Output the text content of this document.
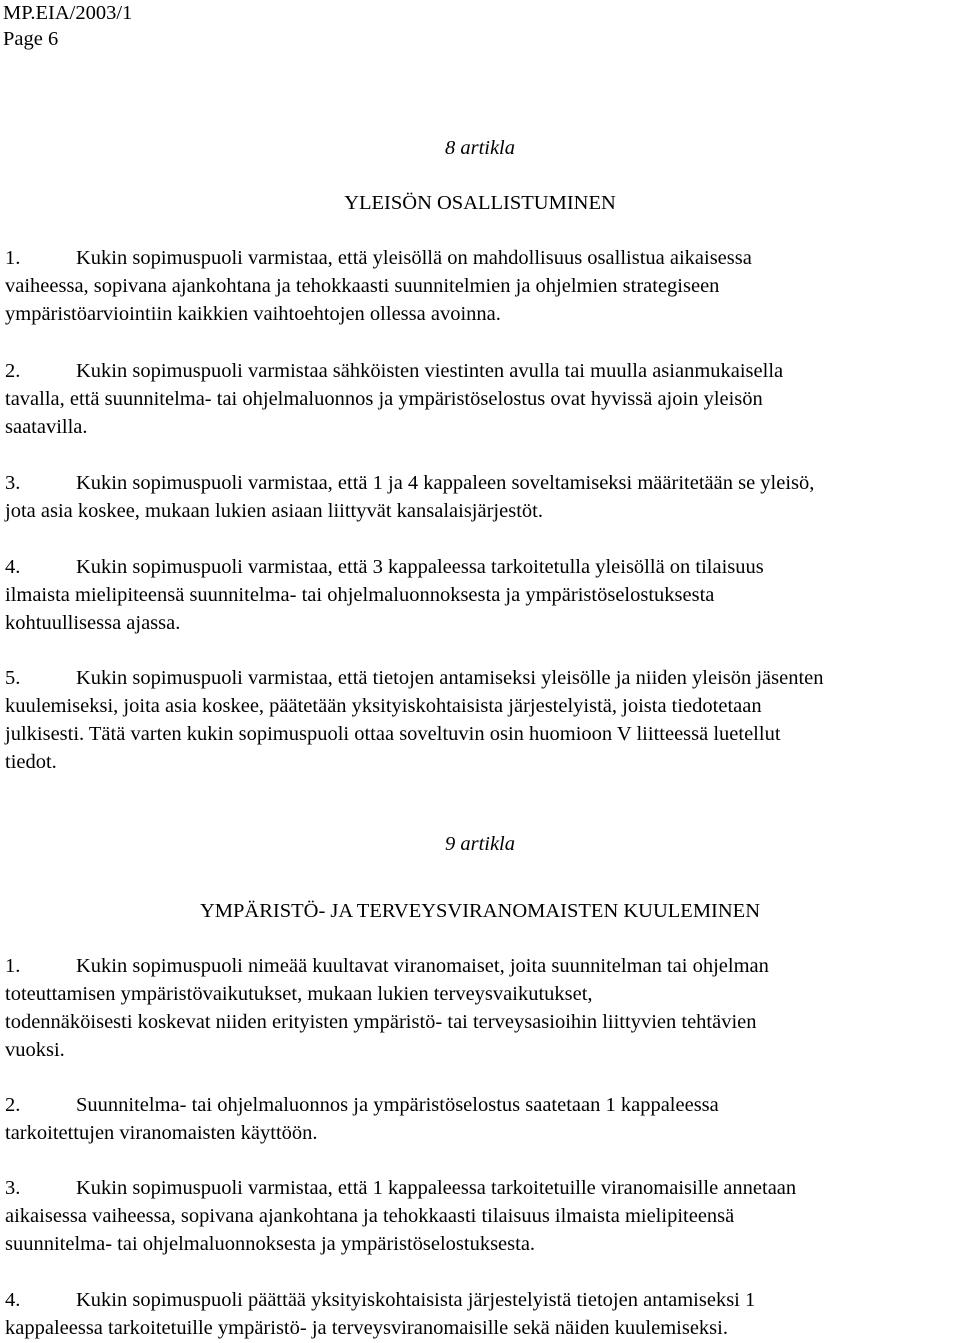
MP.EIA/2003/1
Page 6
8 artikla
YLEISÖN OSALLISTUMINEN
1.	Kukin sopimuspuoli varmistaa, että yleisöllä on mahdollisuus osallistua aikaisessa
vaiheessa, sopivana ajankohtana ja tehokkaasti suunnitelmien ja ohjelmien strategiseen
ympäristöarviointiin kaikkien vaihtoehtojen ollessa avoinna.
2.	Kukin sopimuspuoli varmistaa sähköisten viestinten avulla tai muulla asianmukaisella
tavalla, että suunnitelma- tai ohjelmaluonnos ja ympäristöselostus ovat hyvissä ajoin yleisön
saatavilla.
3.	Kukin sopimuspuoli varmistaa, että 1 ja 4 kappaleen soveltamiseksi määritetään se yleisö,
jota asia koskee, mukaan lukien asiaan liittyvät kansalaisjärjestöt.
4.	Kukin sopimuspuoli varmistaa, että 3 kappaleessa tarkoitetulla yleisöllä on tilaisuus
ilmaista mielipiteensä suunnitelma- tai ohjelmaluonnoksesta ja ympäristöselostuksesta
kohtuullisessa ajassa.
5.	Kukin sopimuspuoli varmistaa, että tietojen antamiseksi yleisölle ja niiden yleisön jäsenten
kuulemiseksi, joita asia koskee, päätetään yksityiskohtaisista järjestelyistä, joista tiedotetaan
julkisesti. Tätä varten kukin sopimuspuoli ottaa soveltuvin osin huomioon V liitteessä luetellut
tiedot.
9 artikla
YMPÄRISTÖ- JA TERVEYSVIRANOMAISTEN KUULEMINEN
1.	Kukin sopimuspuoli nimeää kuultavat viranomaiset, joita suunnitelman tai ohjelman
toteuttamisen ympäristövaikutukset, mukaan lukien terveysvaikutukset,
todennäköisesti koskevat niiden erityisten ympäristö- tai terveysasioihin liittyvien tehtävien
vuoksi.
2.	Suunnitelma- tai ohjelmaluonnos ja ympäristöselostus saatetaan 1 kappaleessa
tarkoitettujen viranomaisten käyttöön.
3.	Kukin sopimuspuoli varmistaa, että 1 kappaleessa tarkoitetuille viranomaisille annetaan
aikaisessa vaiheessa, sopivana ajankohtana ja tehokkaasti tilaisuus ilmaista mielipiteensä
suunnitelma- tai ohjelmaluonnoksesta ja ympäristöselostuksesta.
4.	Kukin sopimuspuoli päättää yksityiskohtaisista järjestelyistä tietojen antamiseksi 1
kappaleessa tarkoitetuille ympäristö- ja terveysviranomaisille sekä näiden kuulemiseksi.
